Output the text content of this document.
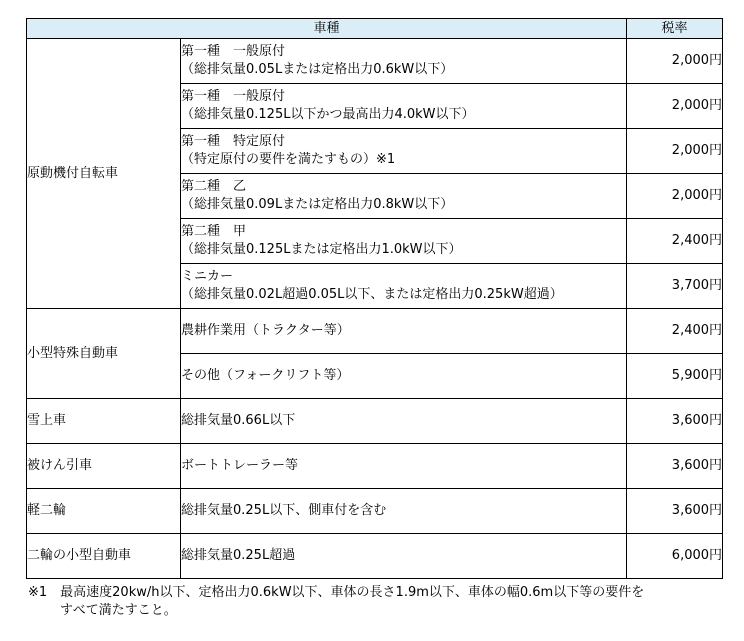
車種		税率
原動機付自転車	第一種　一般原付
（総排気量0.05Lまたは定格出力0.6kW以下）	2,000円

	第一種　一般原付
（総排気量0.125L以下かつ最高出力4.0kW以下）	2,000円

	第一種　特定原付
（特定原付の要件を満たすもの）※1	2,000円

	第二種　乙
（総排気量0.09Lまたは定格出力0.8kW以下）	2,000円

	第二種　甲
（総排気量0.125Lまたは定格出力1.0kW以下）	2,400円

	ミニカー
（総排気量0.02L超過0.05L以下、または定格出力0.25kW超過）	3,700円
小型特殊自動車	農耕作業用（トラクター等）	2,400円
	その他（フォークリフト等）	5,900円
雪上車	総排気量0.66L以下	3,600円
被けん引車	ボートトレーラー等	3,600円
軽二輪	総排気量0.25L以下、側車付を含む	3,600円
二輪の小型自動車	総排気量0.25L超過	6,000円
※1　最高速度20kw/h以下、定格出力0.6kW以下、車体の長さ1.9m以下、車体の幅0.6m以下等の要件を
すべて満たすこと。
